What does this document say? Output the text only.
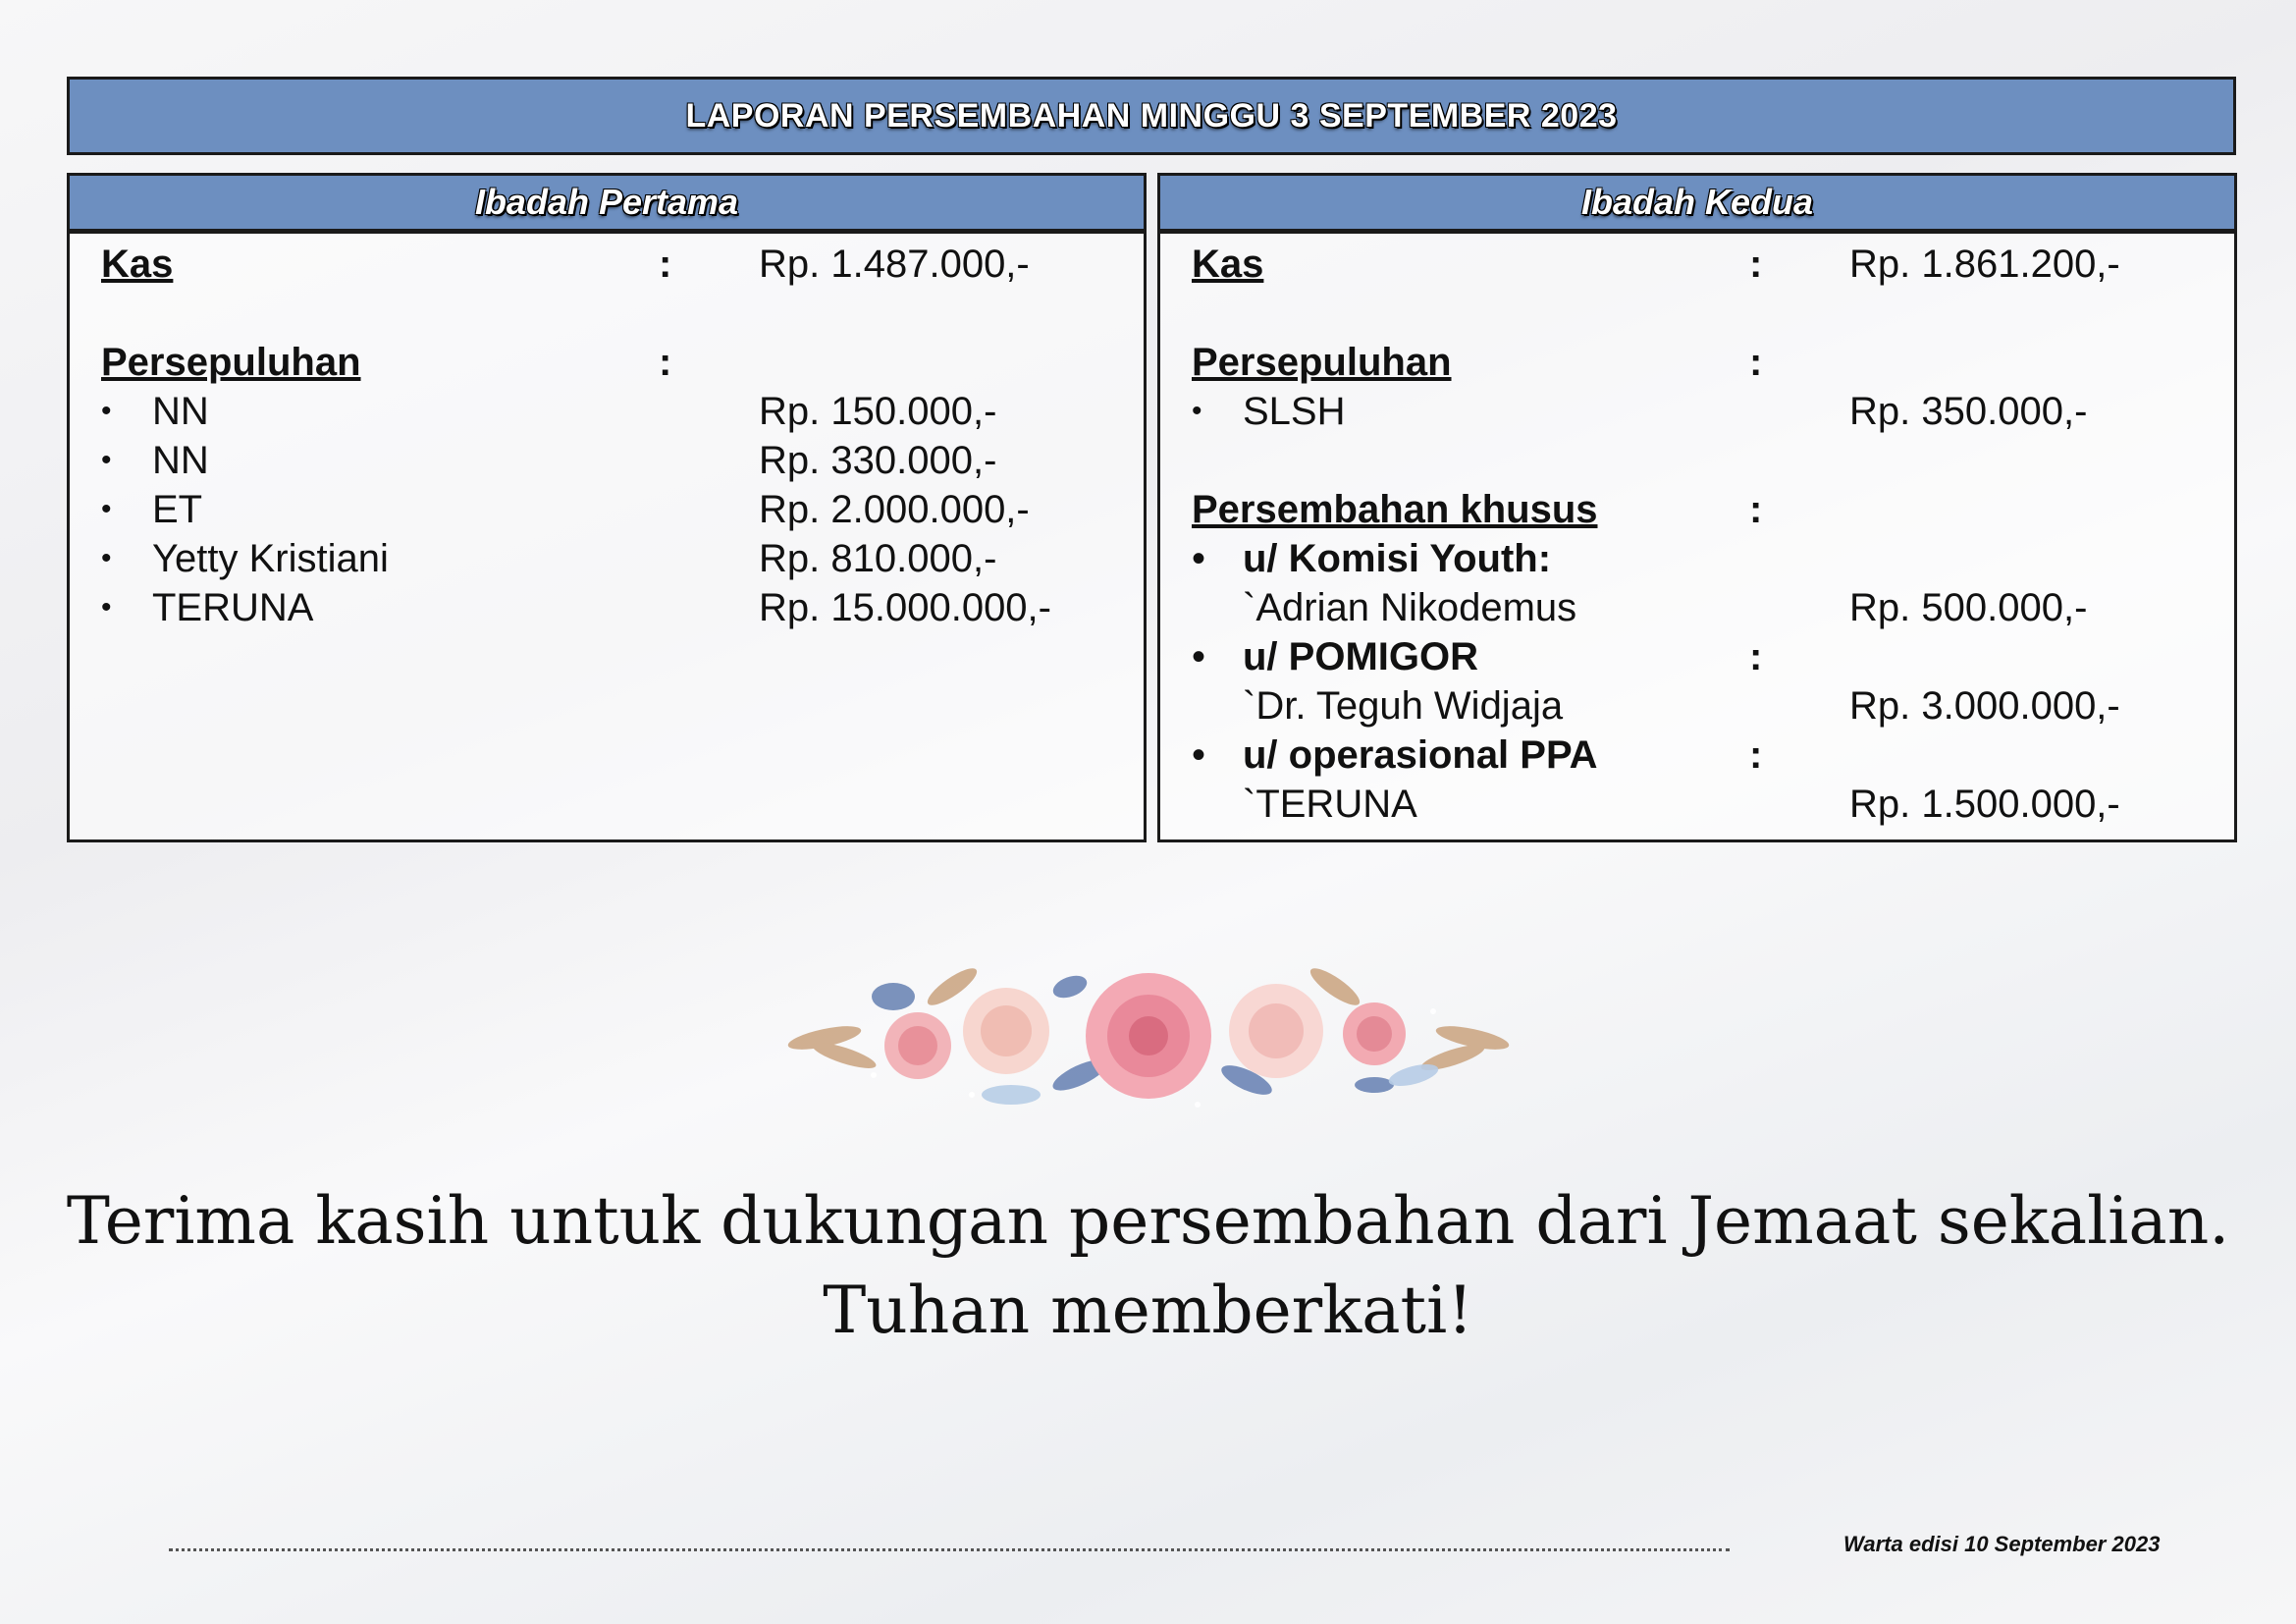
LAPORAN PERSEMBAHAN MINGGU 3 SEPTEMBER 2023
Ibadah Pertama
Kas	: Rp. 1.487.000,-
Persepuluhan	:
• NN	Rp. 150.000,-
• NN	Rp. 330.000,-
• ET	Rp. 2.000.000,-
• Yetty Kristiani	Rp. 810.000,-
• TERUNA	Rp. 15.000.000,-
Ibadah Kedua
Kas	: Rp. 1.861.200,-
Persepuluhan	:
• SLSH	Rp. 350.000,-
Persembahan khusus	:
• u/ Komisi Youth:
`Adrian Nikodemus	Rp. 500.000,-
• u/ POMIGOR	:
`Dr. Teguh Widjaja	Rp. 3.000.000,-
• u/ operasional PPA	:
`TERUNA	Rp. 1.500.000,-
Terima kasih untuk dukungan persembahan dari Jemaat sekalian.
Tuhan memberkati!
Warta edisi 10 September 2023
